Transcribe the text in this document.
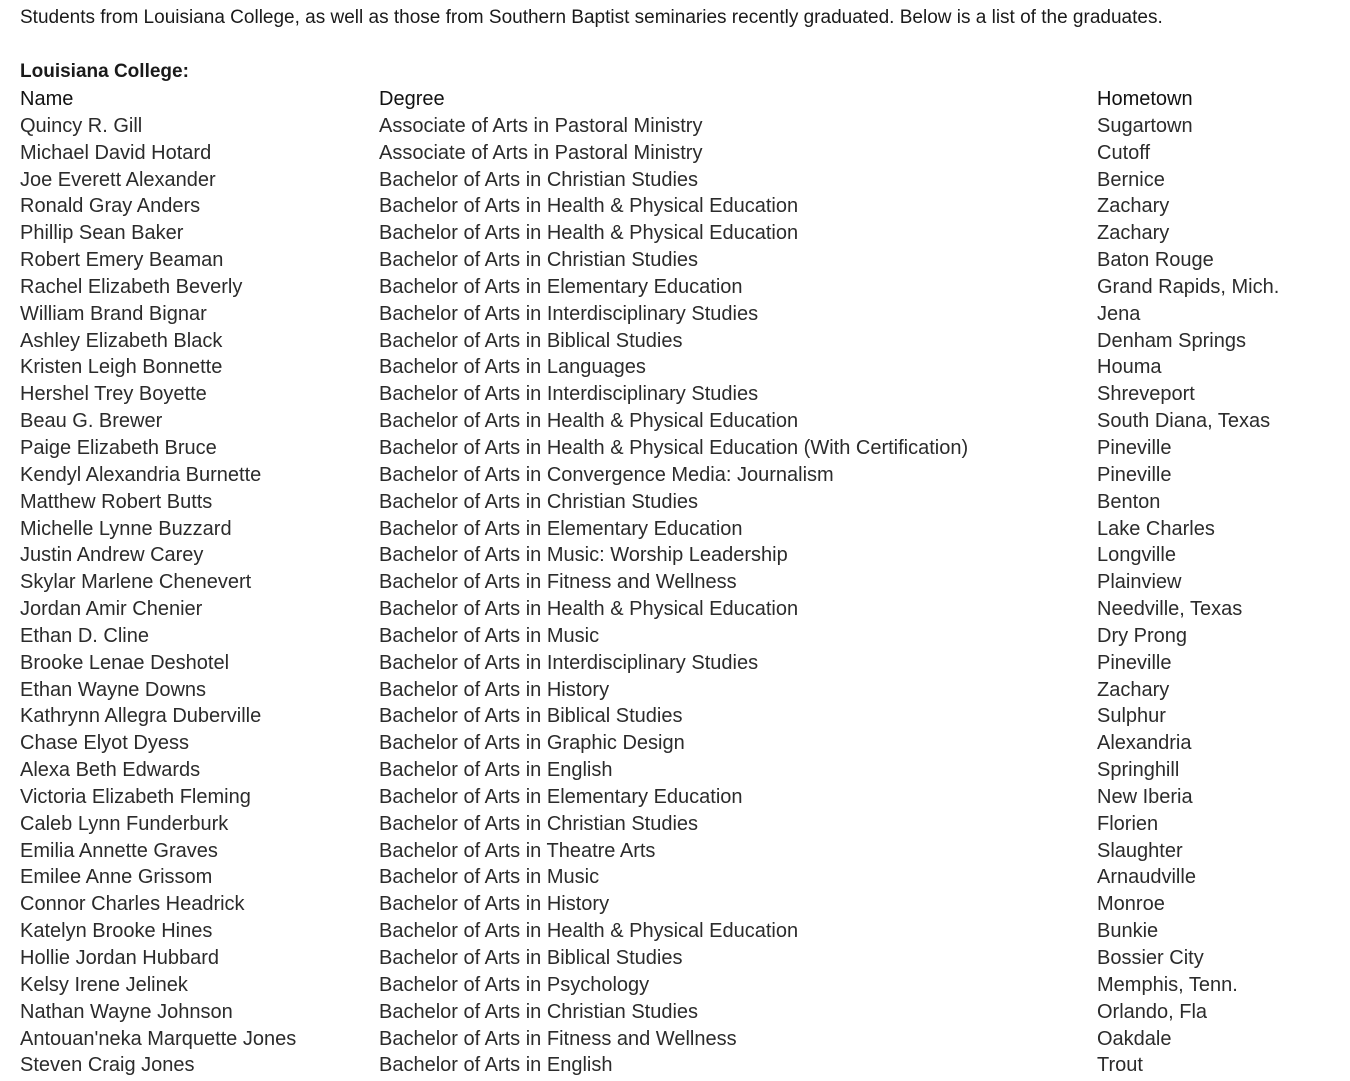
Students from Louisiana College, as well as those from Southern Baptist seminaries recently graduated. Below is a list of the graduates.
Louisiana College:
Name	Degree	Hometown
Quincy R. Gill	Associate of Arts in Pastoral Ministry	Sugartown
Michael David Hotard	Associate of Arts in Pastoral Ministry	Cutoff
Joe Everett Alexander	Bachelor of Arts in Christian Studies	Bernice
Ronald Gray Anders	Bachelor of Arts in Health & Physical Education	Zachary
Phillip Sean Baker	Bachelor of Arts in Health & Physical Education	Zachary
Robert Emery Beaman	Bachelor of Arts in Christian Studies	Baton Rouge
Rachel Elizabeth Beverly	Bachelor of Arts in Elementary Education	Grand Rapids, Mich.
William Brand Bignar	Bachelor of Arts in Interdisciplinary Studies	Jena
Ashley Elizabeth Black	Bachelor of Arts in Biblical Studies	Denham Springs
Kristen Leigh Bonnette	Bachelor of Arts in Languages	Houma
Hershel Trey Boyette	Bachelor of Arts in Interdisciplinary Studies	Shreveport
Beau G. Brewer	Bachelor of Arts in Health & Physical Education	South Diana, Texas
Paige Elizabeth Bruce	Bachelor of Arts in Health & Physical Education (With Certification)	Pineville
Kendyl Alexandria Burnette	Bachelor of Arts in Convergence Media: Journalism	Pineville
Matthew Robert Butts	Bachelor of Arts in Christian Studies	Benton
Michelle Lynne Buzzard	Bachelor of Arts in Elementary Education	Lake Charles
Justin Andrew Carey	Bachelor of Arts in Music: Worship Leadership	Longville
Skylar Marlene Chenevert	Bachelor of Arts in Fitness and Wellness	Plainview
Jordan Amir Chenier	Bachelor of Arts in Health & Physical Education	Needville, Texas
Ethan D. Cline	Bachelor of Arts in Music	Dry Prong
Brooke Lenae Deshotel	Bachelor of Arts in Interdisciplinary Studies	Pineville
Ethan Wayne Downs	Bachelor of Arts in History	Zachary
Kathrynn Allegra Duberville	Bachelor of Arts in Biblical Studies	Sulphur
Chase Elyot Dyess	Bachelor of Arts in Graphic Design	Alexandria
Alexa Beth Edwards	Bachelor of Arts in English	Springhill
Victoria Elizabeth Fleming	Bachelor of Arts in Elementary Education	New Iberia
Caleb Lynn Funderburk	Bachelor of Arts in Christian Studies	Florien
Emilia Annette Graves	Bachelor of Arts in Theatre Arts	Slaughter
Emilee Anne Grissom	Bachelor of Arts in Music	Arnaudville
Connor Charles Headrick	Bachelor of Arts in History	Monroe
Katelyn Brooke Hines	Bachelor of Arts in Health & Physical Education	Bunkie
Hollie Jordan Hubbard	Bachelor of Arts in Biblical Studies	Bossier City
Kelsy Irene Jelinek	Bachelor of Arts in Psychology	Memphis, Tenn.
Nathan Wayne Johnson	Bachelor of Arts in Christian Studies	Orlando, Fla
Antouan'neka Marquette Jones	Bachelor of Arts in Fitness and Wellness	Oakdale
Steven Craig Jones	Bachelor of Arts in English	Trout
